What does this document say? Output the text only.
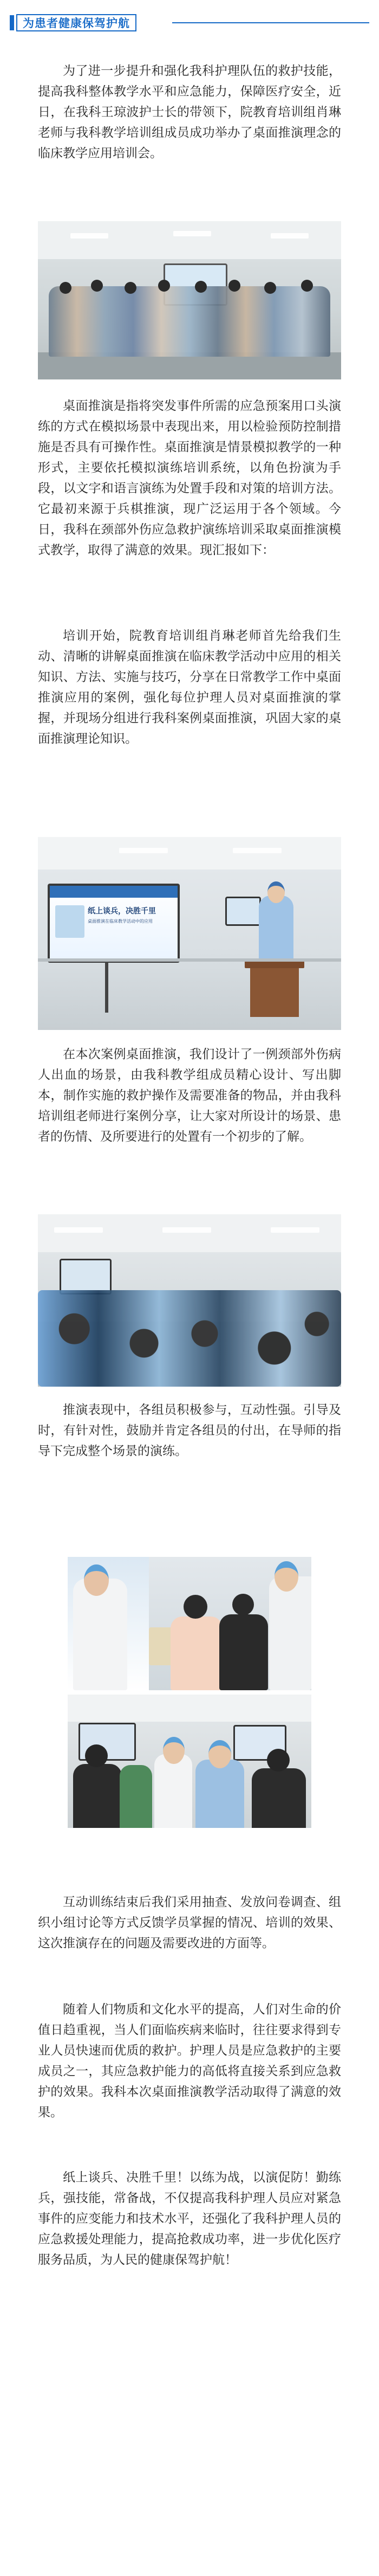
为患者健康保驾护航

为了进一步提升和强化我科护理队伍的救护技能，提高我科整体教学水平和应急能力，保障医疗安全，近日，在我科王琼波护士长的带领下，院教育培训组肖琳老师与我科教学培训组成员成功举办了桌面推演理念的临床教学应用培训会。

桌面推演是指将突发事件所需的应急预案用口头演练的方式在模拟场景中表现出来，用以检验预防控制措施是否具有可操作性。桌面推演是情景模拟教学的一种形式，主要依托模拟演练培训系统，以角色扮演为手段，以文字和语言演练为处置手段和对策的培训方法。它最初来源于兵棋推演，现广泛运用于各个领域。今日，我科在颈部外伤应急救护演练培训采取桌面推演模式教学，取得了满意的效果。现汇报如下：

培训开始，院教育培训组肖琳老师首先给我们生动、清晰的讲解桌面推演在临床教学活动中应用的相关知识、方法、实施与技巧，分享在日常教学工作中桌面推演应用的案例，强化每位护理人员对桌面推演的掌握，并现场分组进行我科案例桌面推演，巩固大家的桌面推演理论知识。

纸上谈兵，决胜千里
桌面推演在临床教学活动中的应用

在本次案例桌面推演，我们设计了一例颈部外伤病人出血的场景，由我科教学组成员精心设计、写出脚本，制作实施的救护操作及需要准备的物品，并由我科培训组老师进行案例分享，让大家对所设计的场景、患者的伤情、及所要进行的处置有一个初步的了解。

推演表现中，各组员积极参与，互动性强。引导及时，有针对性，鼓励并肯定各组员的付出，在导师的指导下完成整个场景的演练。

互动训练结束后我们采用抽查、发放问卷调查、组织小组讨论等方式反馈学员掌握的情况、培训的效果、这次推演存在的问题及需要改进的方面等。

随着人们物质和文化水平的提高，人们对生命的价值日趋重视，当人们面临疾病来临时，往往要求得到专业人员快速而优质的救护。护理人员是应急救护的主要成员之一，其应急救护能力的高低将直接关系到应急救护的效果。我科本次桌面推演教学活动取得了满意的效果。

纸上谈兵、决胜千里！以练为战，以演促防！勤练兵，强技能，常备战，不仅提高我科护理人员应对紧急事件的应变能力和技术水平，还强化了我科护理人员的应急救援处理能力，提高抢救成功率，进一步优化医疗服务品质，为人民的健康保驾护航！
